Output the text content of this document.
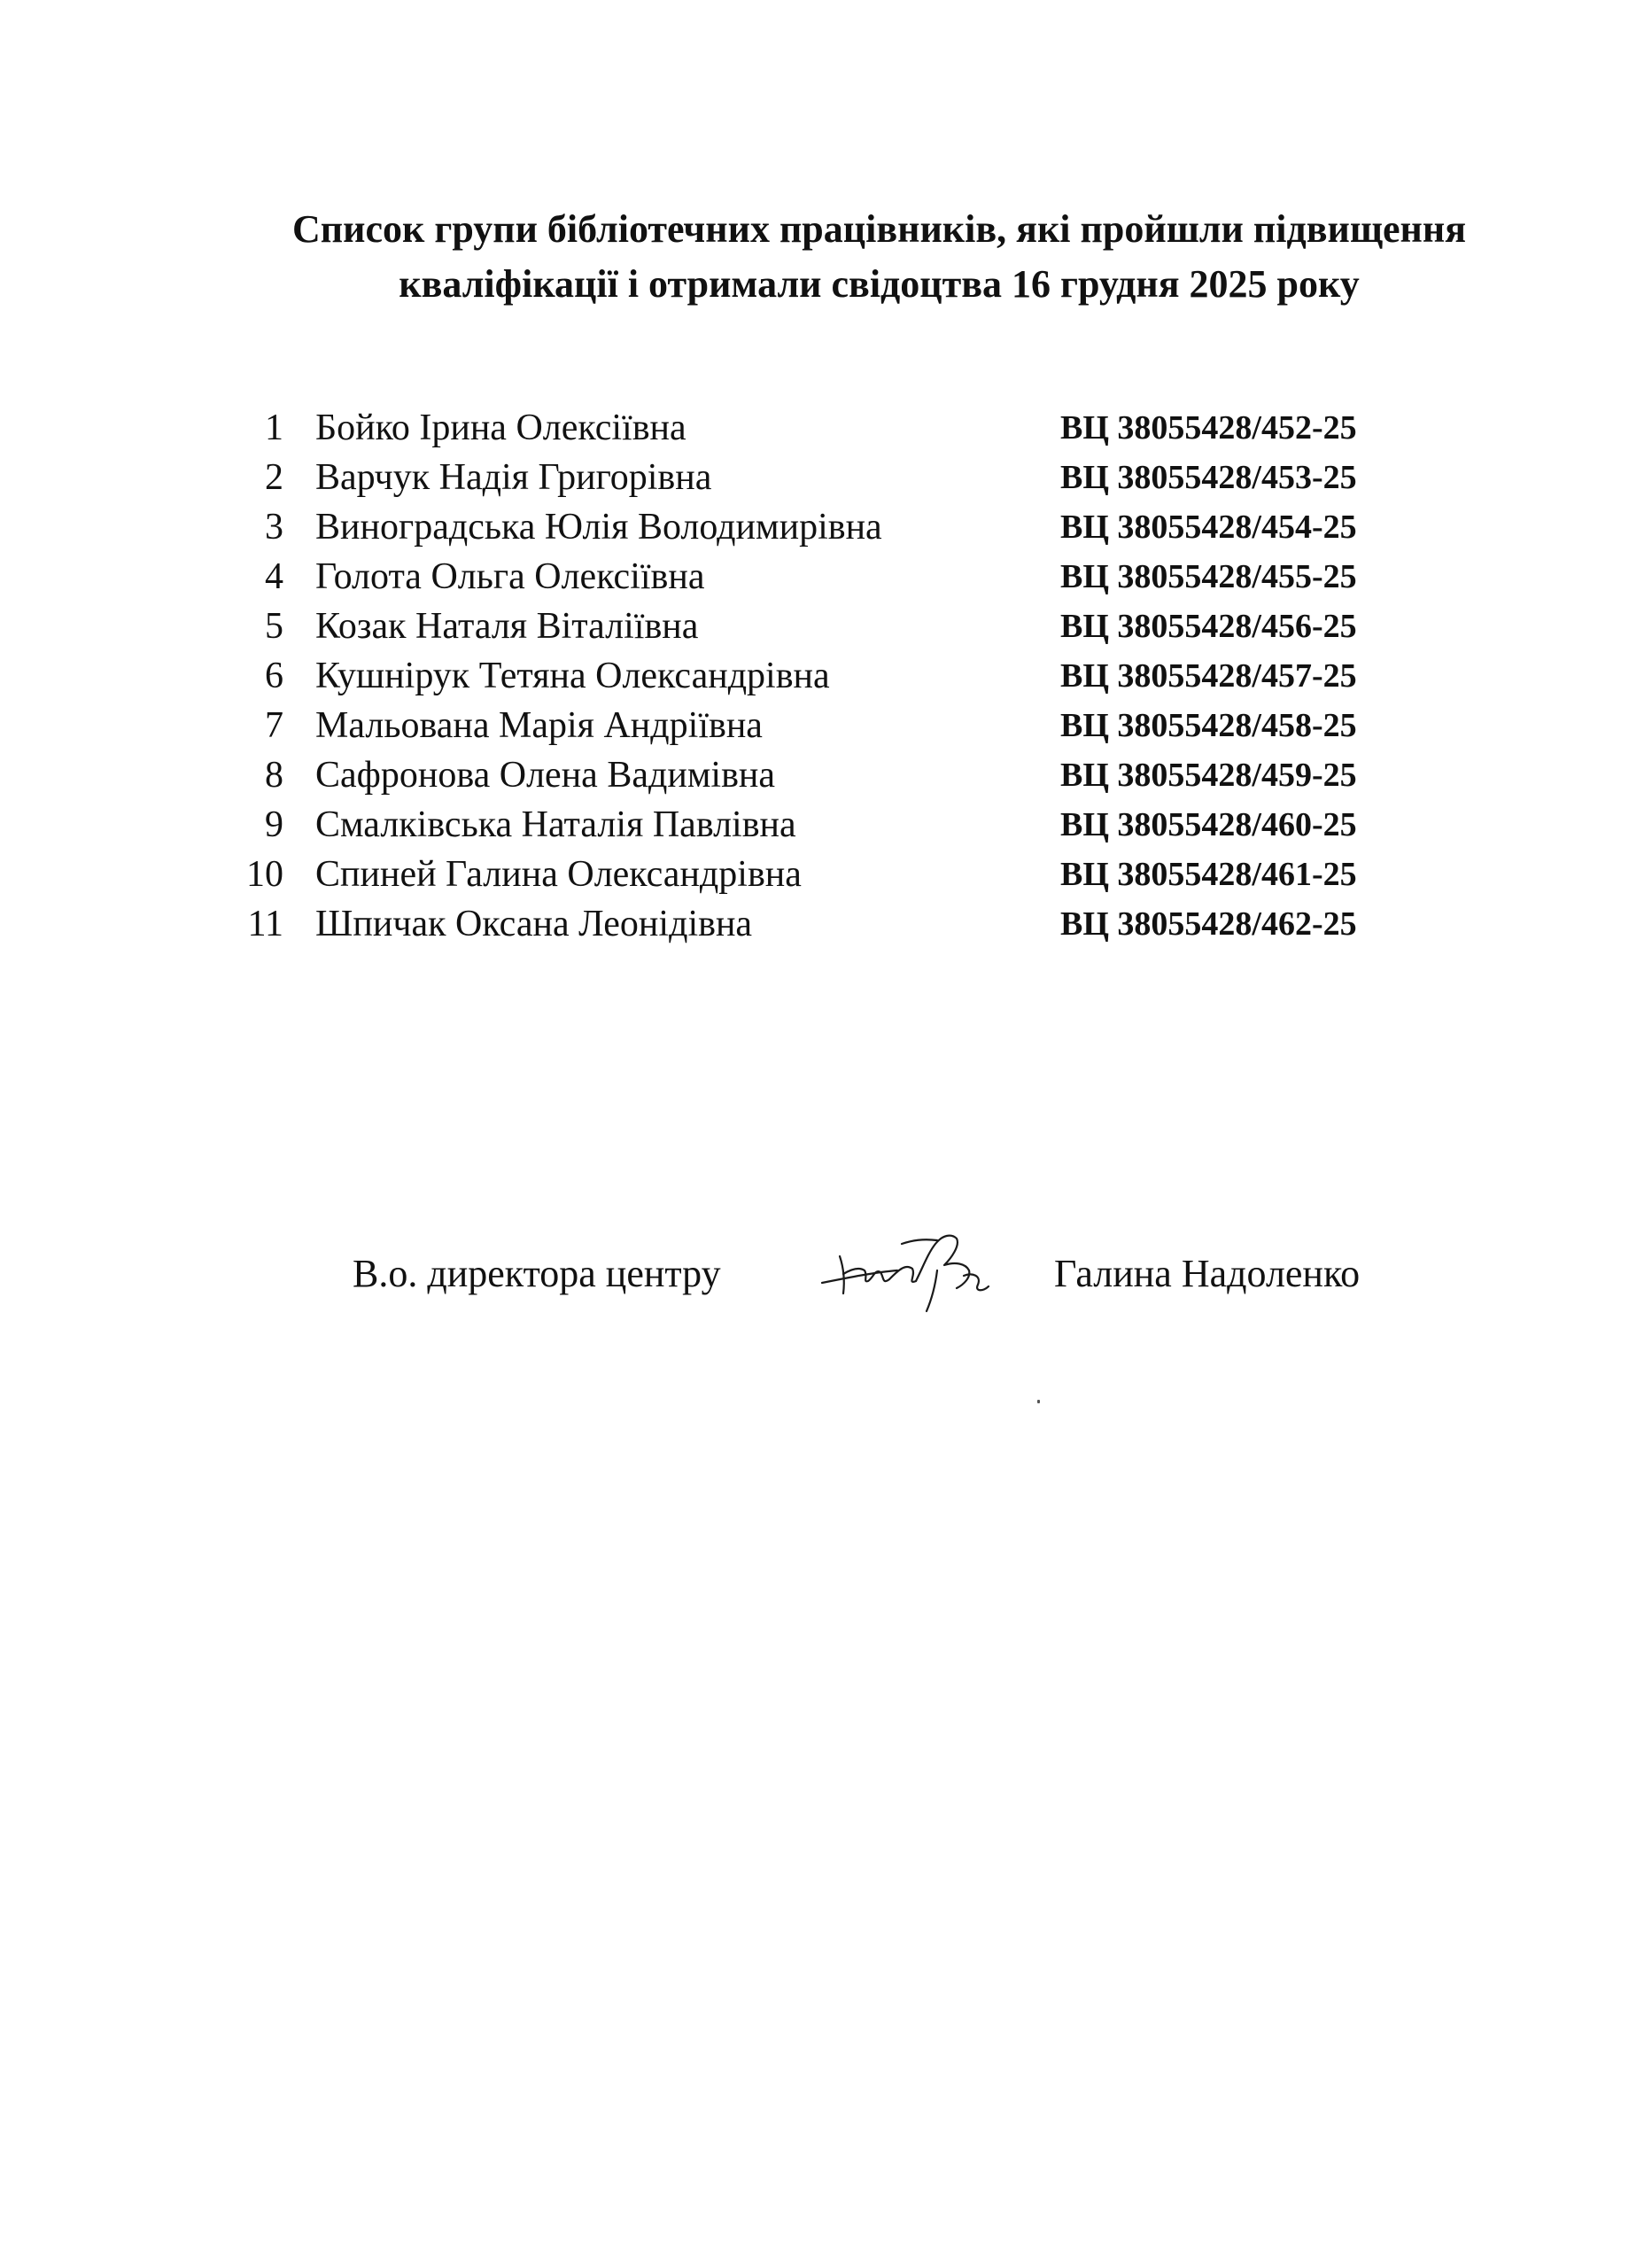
Список групи бібліотечних працівників, які пройшли підвищення
кваліфікації і отримали свідоцтва 16 грудня 2025 року
1 Бойко Ірина Олексіївна	ВЦ 38055428/452-25
2 Варчук Надія Григорівна	ВЦ 38055428/453-25
3 Виноградська Юлія Володимирівна	ВЦ 38055428/454-25
4 Голота Ольга Олексіївна	ВЦ 38055428/455-25
5 Козак Наталя Віталіївна	ВЦ 38055428/456-25
6 Кушнірук Тетяна Олександрівна	ВЦ 38055428/457-25
7 Мальована Марія Андріївна	ВЦ 38055428/458-25
8 Сафронова Олена Вадимівна	ВЦ 38055428/459-25
9 Смалківська Наталія Павлівна	ВЦ 38055428/460-25
10 Спиней Галина Олександрівна	ВЦ 38055428/461-25
11 Шпичак Оксана Леонідівна	ВЦ 38055428/462-25
В.о. директора центру	Галина Надоленко
